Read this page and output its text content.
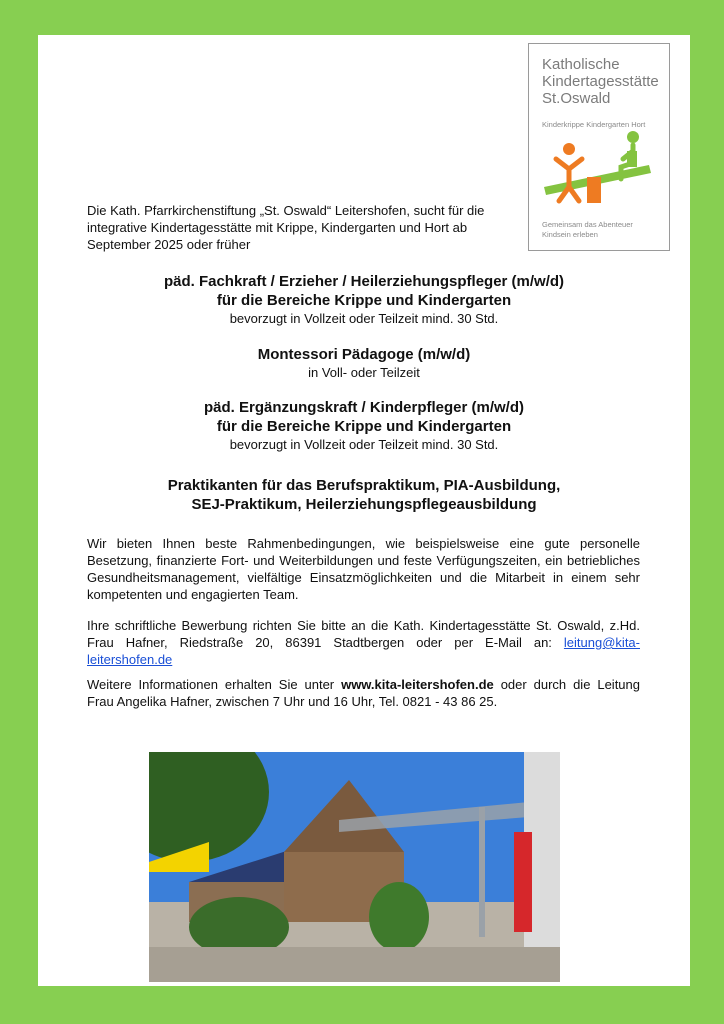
Katholische
Kindertagesstätte
St.Oswald
Kinderkrippe Kindergarten Hort
Gemeinsam das Abenteuer
Kindsein erleben
Die Kath. Pfarrkirchenstiftung „St. Oswald“ Leitershofen, sucht für die integrative Kindertagesstätte mit Krippe, Kindergarten und Hort ab September 2025 oder früher
päd. Fachkraft / Erzieher / Heilerziehungspfleger (m/w/d)
für die Bereiche Krippe und Kindergarten
bevorzugt in Vollzeit oder Teilzeit mind. 30 Std.
Montessori Pädagoge (m/w/d)
in Voll- oder Teilzeit
päd. Ergänzungskraft / Kinderpfleger (m/w/d)
für die Bereiche Krippe und Kindergarten
bevorzugt in Vollzeit oder Teilzeit mind. 30 Std.
Praktikanten für das Berufspraktikum, PIA-Ausbildung,
SEJ-Praktikum, Heilerziehungspflegeausbildung
Wir bieten Ihnen beste Rahmenbedingungen, wie beispielsweise eine gute personelle Besetzung, finanzierte Fort- und Weiterbildungen und feste Verfügungszeiten, ein betriebliches Gesundheitsmanagement, vielfältige Einsatzmöglichkeiten und die Mitarbeit in einem sehr kompetenten und engagierten Team.
Ihre schriftliche Bewerbung richten Sie bitte an die Kath. Kindertagesstätte St. Oswald, z.Hd. Frau Hafner, Riedstraße 20, 86391 Stadtbergen oder per E-Mail an: leitung@kita-leitershofen.de
Weitere Informationen erhalten Sie unter www.kita-leitershofen.de oder durch die Leitung Frau Angelika Hafner, zwischen 7 Uhr und 16 Uhr, Tel. 0821 - 43 86 25.
